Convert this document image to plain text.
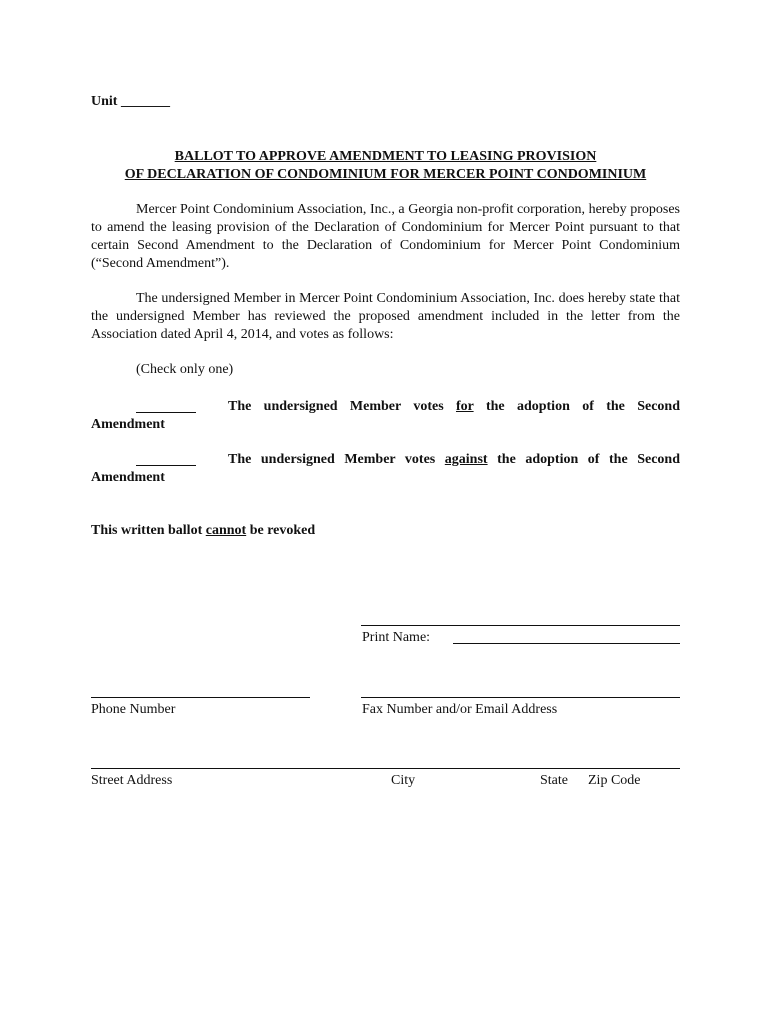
Unit _______
BALLOT TO APPROVE AMENDMENT TO LEASING PROVISION
OF DECLARATION OF CONDOMINIUM FOR MERCER POINT CONDOMINIUM
Mercer Point Condominium Association, Inc., a Georgia non-profit corporation, hereby proposes to amend the leasing provision of the Declaration of Condominium for Mercer Point pursuant to that certain Second Amendment to the Declaration of Condominium for Mercer Point Condominium (“Second Amendment”).
The undersigned Member in Mercer Point Condominium Association, Inc. does hereby state that the undersigned Member has reviewed the proposed amendment included in the letter from the Association dated April 4, 2014, and votes as follows:
(Check only one)
The undersigned Member votes for the adoption of the Second
Amendment
The undersigned Member votes against the adoption of the Second
Amendment
This written ballot cannot be revoked
Print Name:
Phone Number	Fax Number and/or Email Address
Street Address	City	State Zip Code
